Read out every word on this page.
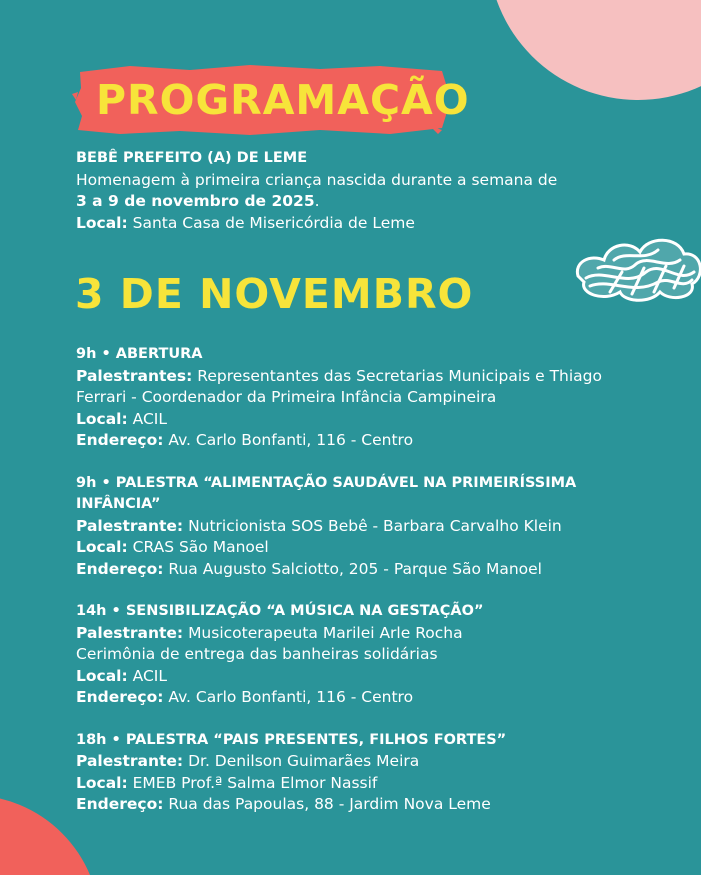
PROGRAMAÇÃO
BEBÊ PREFEITO (A) DE LEME
Homenagem à primeira criança nascida durante a semana de
3 a 9 de novembro de 2025.
Local: Santa Casa de Misericórdia de Leme
3 DE NOVEMBRO
9h • ABERTURA
Palestrantes: Representantes das Secretarias Municipais e Thiago Ferrari - Coordenador da Primeira Infância Campineira
Local: ACIL
Endereço: Av. Carlo Bonfanti, 116 - Centro
9h • PALESTRA “ALIMENTAÇÃO SAUDÁVEL NA PRIMEIRÍSSIMA INFÂNCIA”
Palestrante: Nutricionista SOS Bebê - Barbara Carvalho Klein
Local: CRAS São Manoel
Endereço: Rua Augusto Salciotto, 205 - Parque São Manoel
14h • SENSIBILIZAÇÃO “A MÚSICA NA GESTAÇÃO”
Palestrante: Musicoterapeuta Marilei Arle Rocha
Cerimônia de entrega das banheiras solidárias
Local: ACIL
Endereço: Av. Carlo Bonfanti, 116 - Centro
18h • PALESTRA “PAIS PRESENTES, FILHOS FORTES”
Palestrante: Dr. Denilson Guimarães Meira
Local: EMEB Prof.ª Salma Elmor Nassif
Endereço: Rua das Papoulas, 88 - Jardim Nova Leme
